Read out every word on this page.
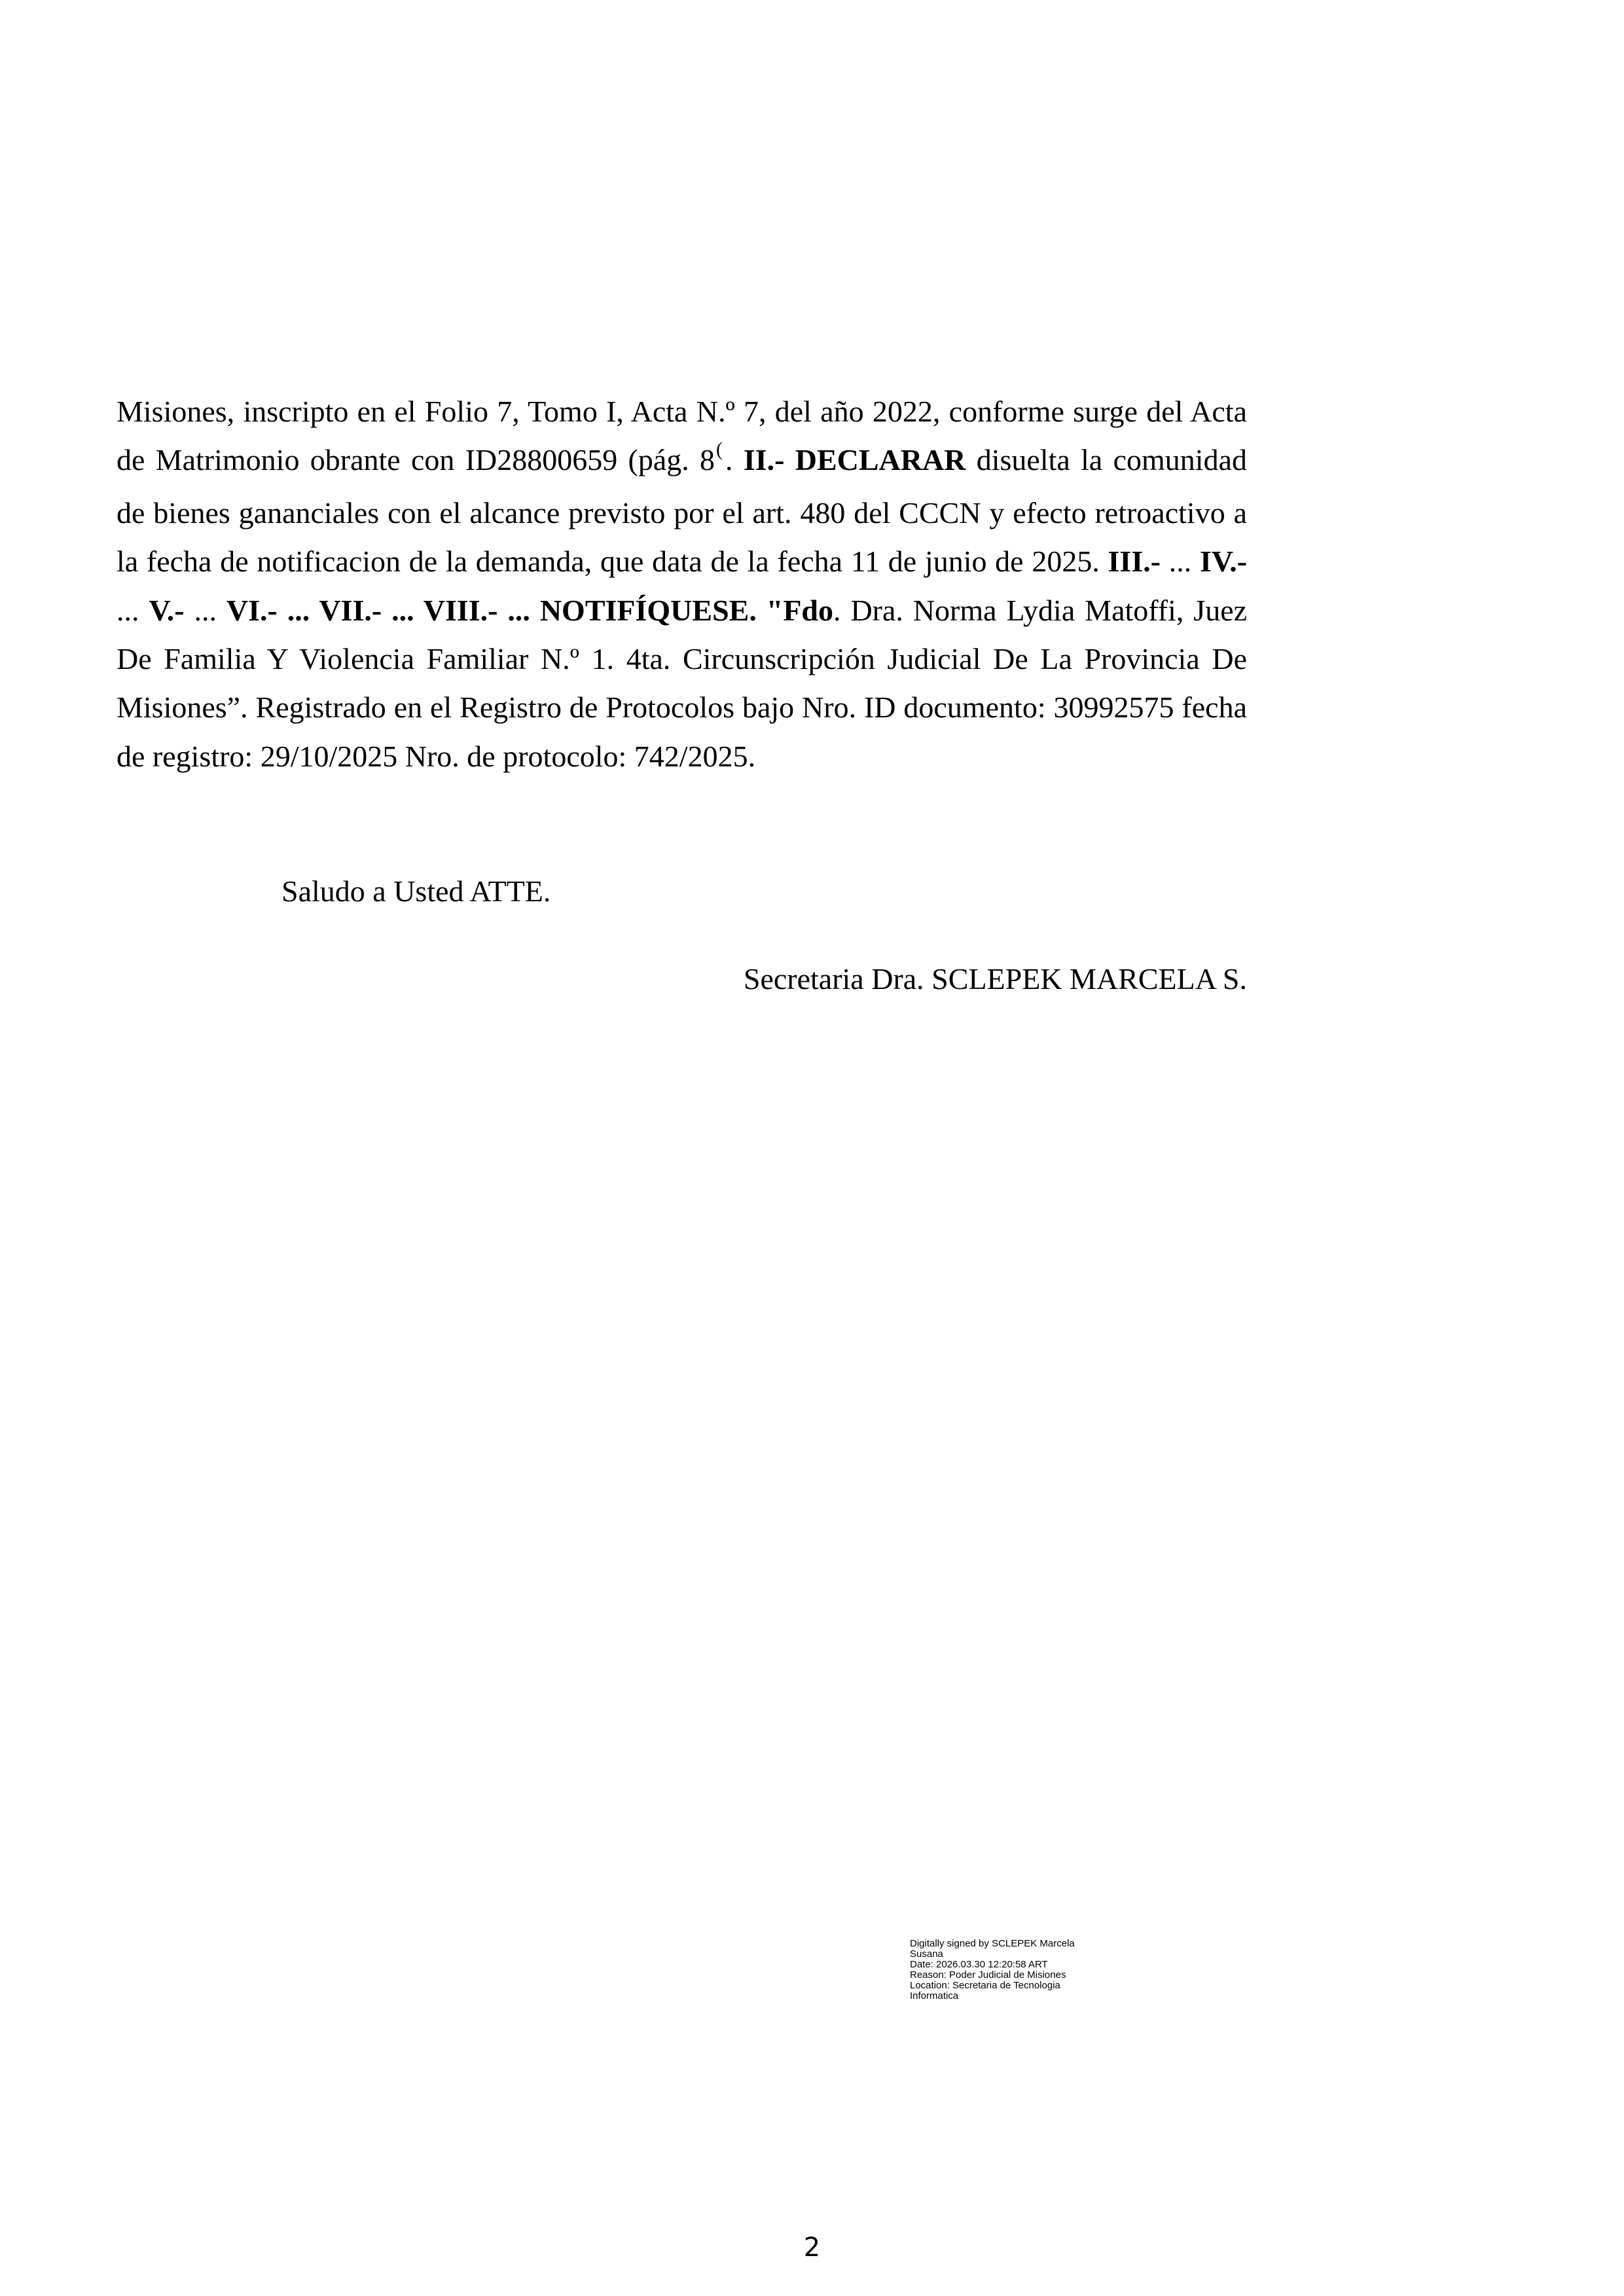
Misiones, inscripto en el Folio 7, Tomo I, Acta N.º 7, del año 2022, conforme surge del Acta de Matrimonio obrante con ID28800659 (pág. 8(. II.- DECLARAR disuelta la comunidad de bienes gananciales con el alcance previsto por el art. 480 del CCCN y efecto retroactivo a la fecha de notificacion de la demanda, que data de la fecha 11 de junio de 2025. III.- ... IV.- ... V.- ... VI.- ... VII.- ... VIII.- ... NOTIFÍQUESE. "Fdo. Dra. Norma Lydia Matoffi, Juez De Familia Y Violencia Familiar N.º 1. 4ta. Circunscripción Judicial De La Provincia De Misiones”. Registrado en el Registro de Protocolos bajo Nro. ID documento: 30992575 fecha de registro: 29/10/2025 Nro. de protocolo: 742/2025.
Saludo a Usted ATTE.
Secretaria Dra. SCLEPEK MARCELA S.
Digitally signed by SCLEPEK Marcela
Susana
Date: 2026.03.30 12:20:58 ART
Reason: Poder Judicial de Misiones
Location: Secretaria de Tecnologia
Informatica
2
